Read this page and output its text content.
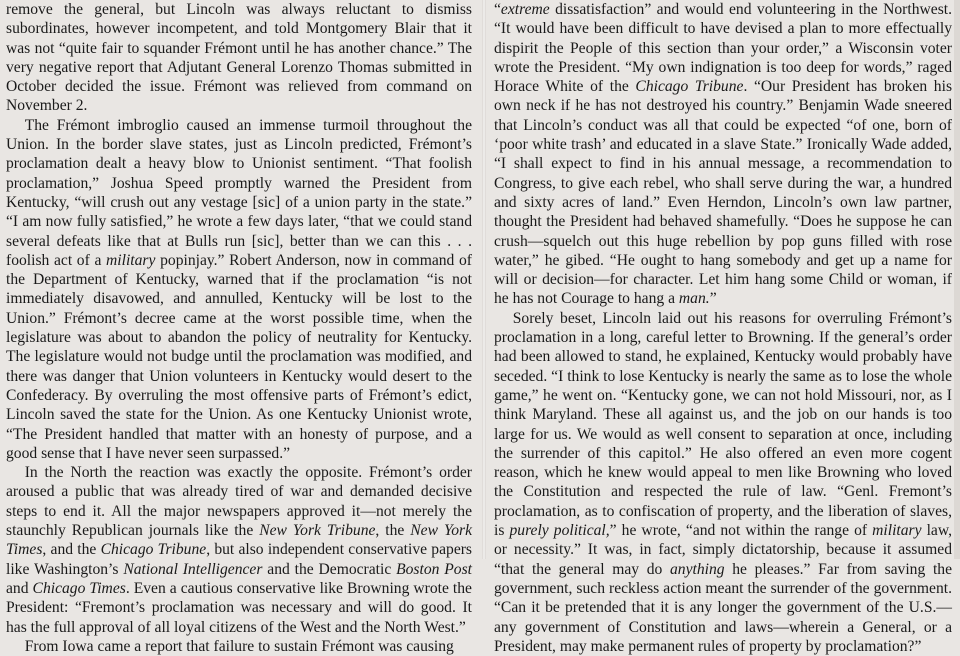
remove the general, but Lincoln was always reluctant to dismiss subordinates, however incompetent, and told Montgomery Blair that it was not “quite fair to squander Frémont until he has another chance.” The very negative report that Adjutant General Lorenzo Thomas submitted in October decided the issue. Frémont was relieved from command on November 2.

The Frémont imbroglio caused an immense turmoil throughout the Union. In the border slave states, just as Lincoln predicted, Frémont’s proclamation dealt a heavy blow to Unionist sentiment. “That foolish proclamation,” Joshua Speed promptly warned the President from Kentucky, “will crush out any vestage [sic] of a union party in the state.” “I am now fully satisfied,” he wrote a few days later, “that we could stand several defeats like that at Bulls run [sic], better than we can this . . . foolish act of a military popinjay.” Robert Anderson, now in command of the Department of Kentucky, warned that if the proclamation “is not immediately disavowed, and annulled, Kentucky will be lost to the Union.” Frémont’s decree came at the worst possible time, when the legislature was about to abandon the policy of neutrality for Kentucky. The legislature would not budge until the proclamation was modified, and there was danger that Union volunteers in Kentucky would desert to the Confederacy. By overruling the most offensive parts of Frémont’s edict, Lincoln saved the state for the Union. As one Kentucky Unionist wrote, “The President handled that matter with an honesty of purpose, and a good sense that I have never seen surpassed.”

In the North the reaction was exactly the opposite. Frémont’s order aroused a public that was already tired of war and demanded decisive steps to end it. All the major newspapers approved it—not merely the staunchly Republican journals like the New York Tribune, the New York Times, and the Chicago Tribune, but also independent conservative papers like Washington’s National Intelligencer and the Democratic Boston Post and Chicago Times. Even a cautious conservative like Browning wrote the President: “Fremont’s proclamation was necessary and will do good. It has the full approval of all loyal citizens of the West and the North West.”

From Iowa came a report that failure to sustain Frémont was causing

“extreme dissatisfaction” and would end volunteering in the Northwest. “It would have been difficult to have devised a plan to more effectually dispirit the People of this section than your order,” a Wisconsin voter wrote the President. “My own indignation is too deep for words,” raged Horace White of the Chicago Tribune. “Our President has broken his own neck if he has not destroyed his country.” Benjamin Wade sneered that Lincoln’s conduct was all that could be expected “of one, born of ‘poor white trash’ and educated in a slave State.” Ironically Wade added, “I shall expect to find in his annual message, a recommendation to Congress, to give each rebel, who shall serve during the war, a hundred and sixty acres of land.” Even Herndon, Lincoln’s own law partner, thought the President had behaved shamefully. “Does he suppose he can crush—squelch out this huge rebellion by pop guns filled with rose water,” he gibed. “He ought to hang somebody and get up a name for will or decision—for character. Let him hang some Child or woman, if he has not Courage to hang a man.”

Sorely beset, Lincoln laid out his reasons for overruling Frémont’s proclamation in a long, careful letter to Browning. If the general’s order had been allowed to stand, he explained, Kentucky would probably have seceded. “I think to lose Kentucky is nearly the same as to lose the whole game,” he went on. “Kentucky gone, we can not hold Missouri, nor, as I think Maryland. These all against us, and the job on our hands is too large for us. We would as well consent to separation at once, including the surrender of this capitol.” He also offered an even more cogent reason, which he knew would appeal to men like Browning who loved the Constitution and respected the rule of law. “Genl. Fremont’s proclamation, as to confiscation of property, and the liberation of slaves, is purely political,” he wrote, “and not within the range of military law, or necessity.” It was, in fact, simply dictatorship, because it assumed “that the general may do anything he pleases.” Far from saving the government, such reckless action meant the surrender of the government. “Can it be pretended that it is any longer the government of the U.S.—any government of Constitution and laws—wherein a General, or a President, may make permanent rules of property by proclamation?”
